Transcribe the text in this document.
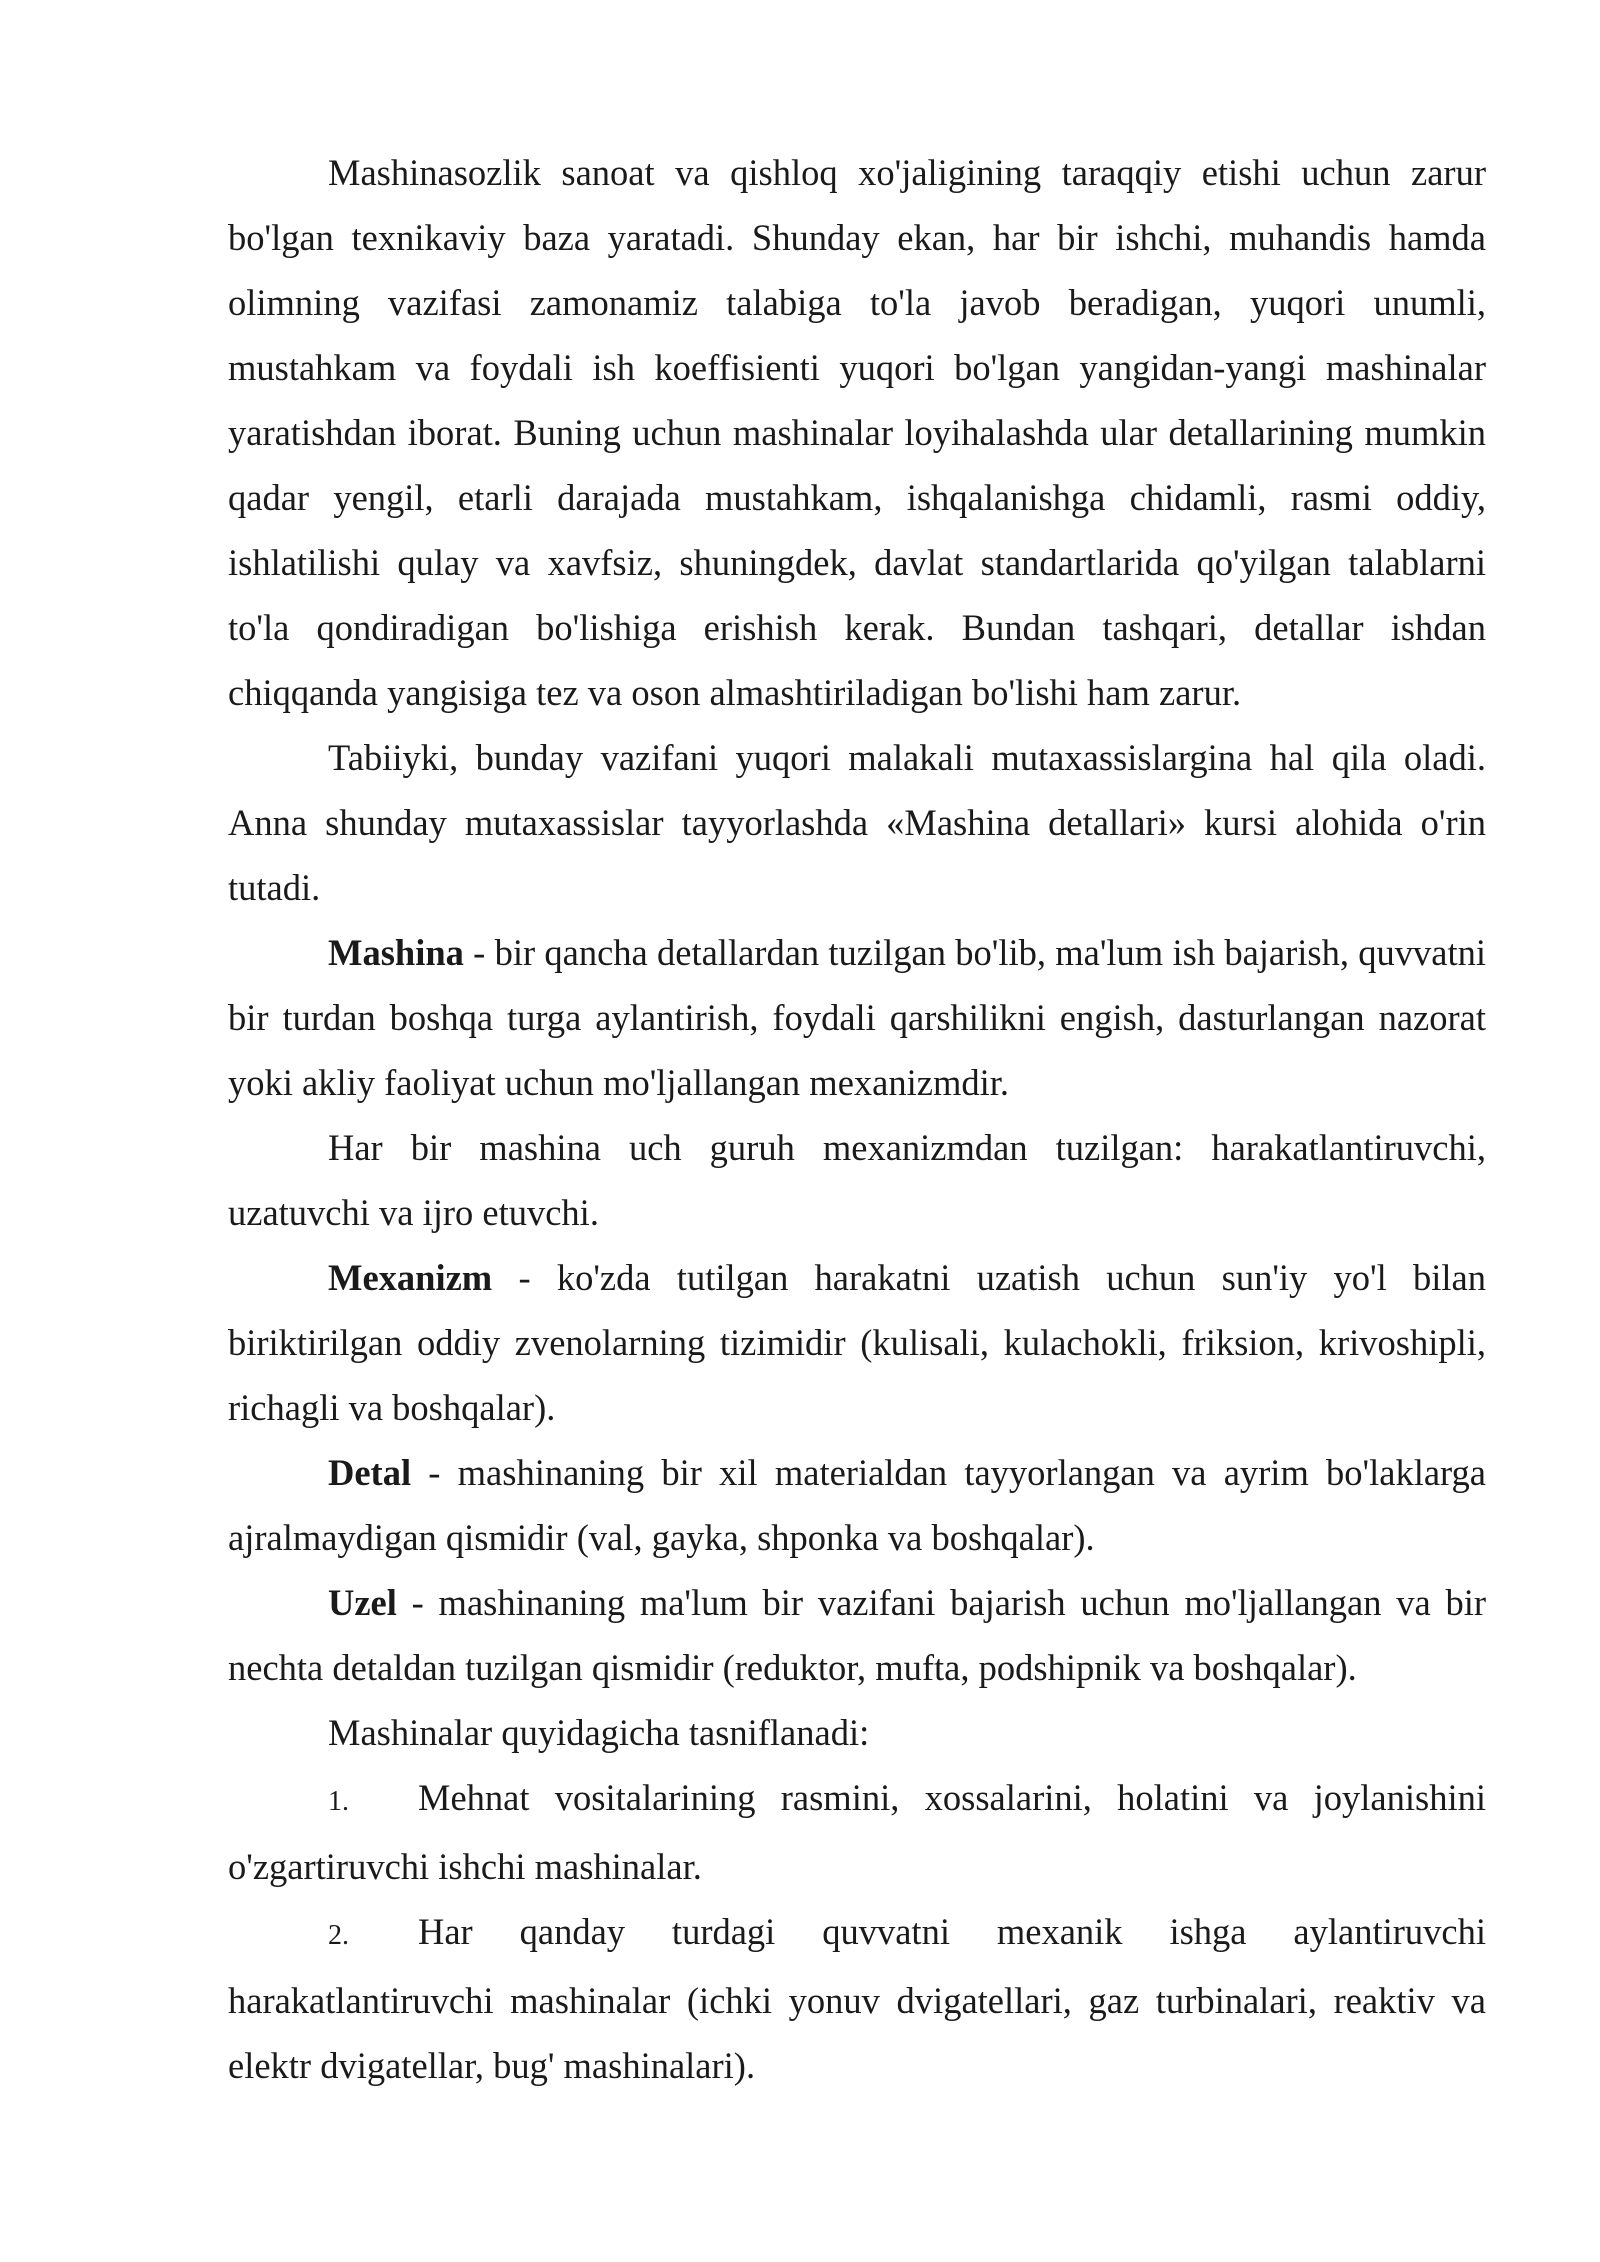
Mashinasozlik sanoat va qishloq xo'jaligining taraqqiy etishi uchun zarur bo'lgan texnikaviy baza yaratadi. Shunday ekan, har bir ishchi, muhandis hamda olimning vazifasi zamonamiz talabiga to'la javob beradigan, yuqori unumli, mustahkam va foydali ish koeffisienti yuqori bo'lgan yangidan-yangi mashinalar yaratishdan iborat. Buning uchun mashinalar loyihalashda ular detallarining mumkin qadar yengil, etarli darajada mustahkam, ishqalanishga chidamli, rasmi oddiy, ishlatilishi qulay va xavfsiz, shuningdek, davlat standartlarida qo'yilgan talablarni to'la qondiradigan bo'lishiga erishish kerak. Bundan tashqari, detallar ishdan chiqqanda yangisiga tez va oson almashtiriladigan bo'lishi ham zarur.

Tabiiyki, bunday vazifani yuqori malakali mutaxassislargina hal qila oladi. Anna shunday mutaxassislar tayyorlashda «Mashina detallari» kursi alohida o'rin tutadi.

Mashina - bir qancha detallardan tuzilgan bo'lib, ma'lum ish bajarish, quvvatni bir turdan boshqa turga aylantirish, foydali qarshilikni engish, dasturlangan nazorat yoki akliy faoliyat uchun mo'ljallangan mexanizmdir.

Har bir mashina uch guruh mexanizmdan tuzilgan: harakatlantiruvchi, uzatuvchi va ijro etuvchi.

Mexanizm - ko'zda tutilgan harakatni uzatish uchun sun'iy yo'l bilan biriktirilgan oddiy zvenolarning tizimidir (kulisali, kulachokli, friksion, krivoshipli, richagli va boshqalar).

Detal - mashinaning bir xil materialdan tayyorlangan va ayrim bo'laklarga ajralmaydigan qismidir (val, gayka, shponka va boshqalar).

Uzel - mashinaning ma'lum bir vazifani bajarish uchun mo'ljallangan va bir nechta detaldan tuzilgan qismidir (reduktor, mufta, podshipnik va boshqalar).

Mashinalar quyidagicha tasniflanadi:

1. Mehnat vositalarining rasmini, xossalarini, holatini va joylanishini o'zgartiruvchi ishchi mashinalar.

2. Har qanday turdagi quvvatni mexanik ishga aylantiruvchi harakatlantiruvchi mashinalar (ichki yonuv dvigatellari, gaz turbinalari, reaktiv va elektr dvigatellar, bug' mashinalari).
